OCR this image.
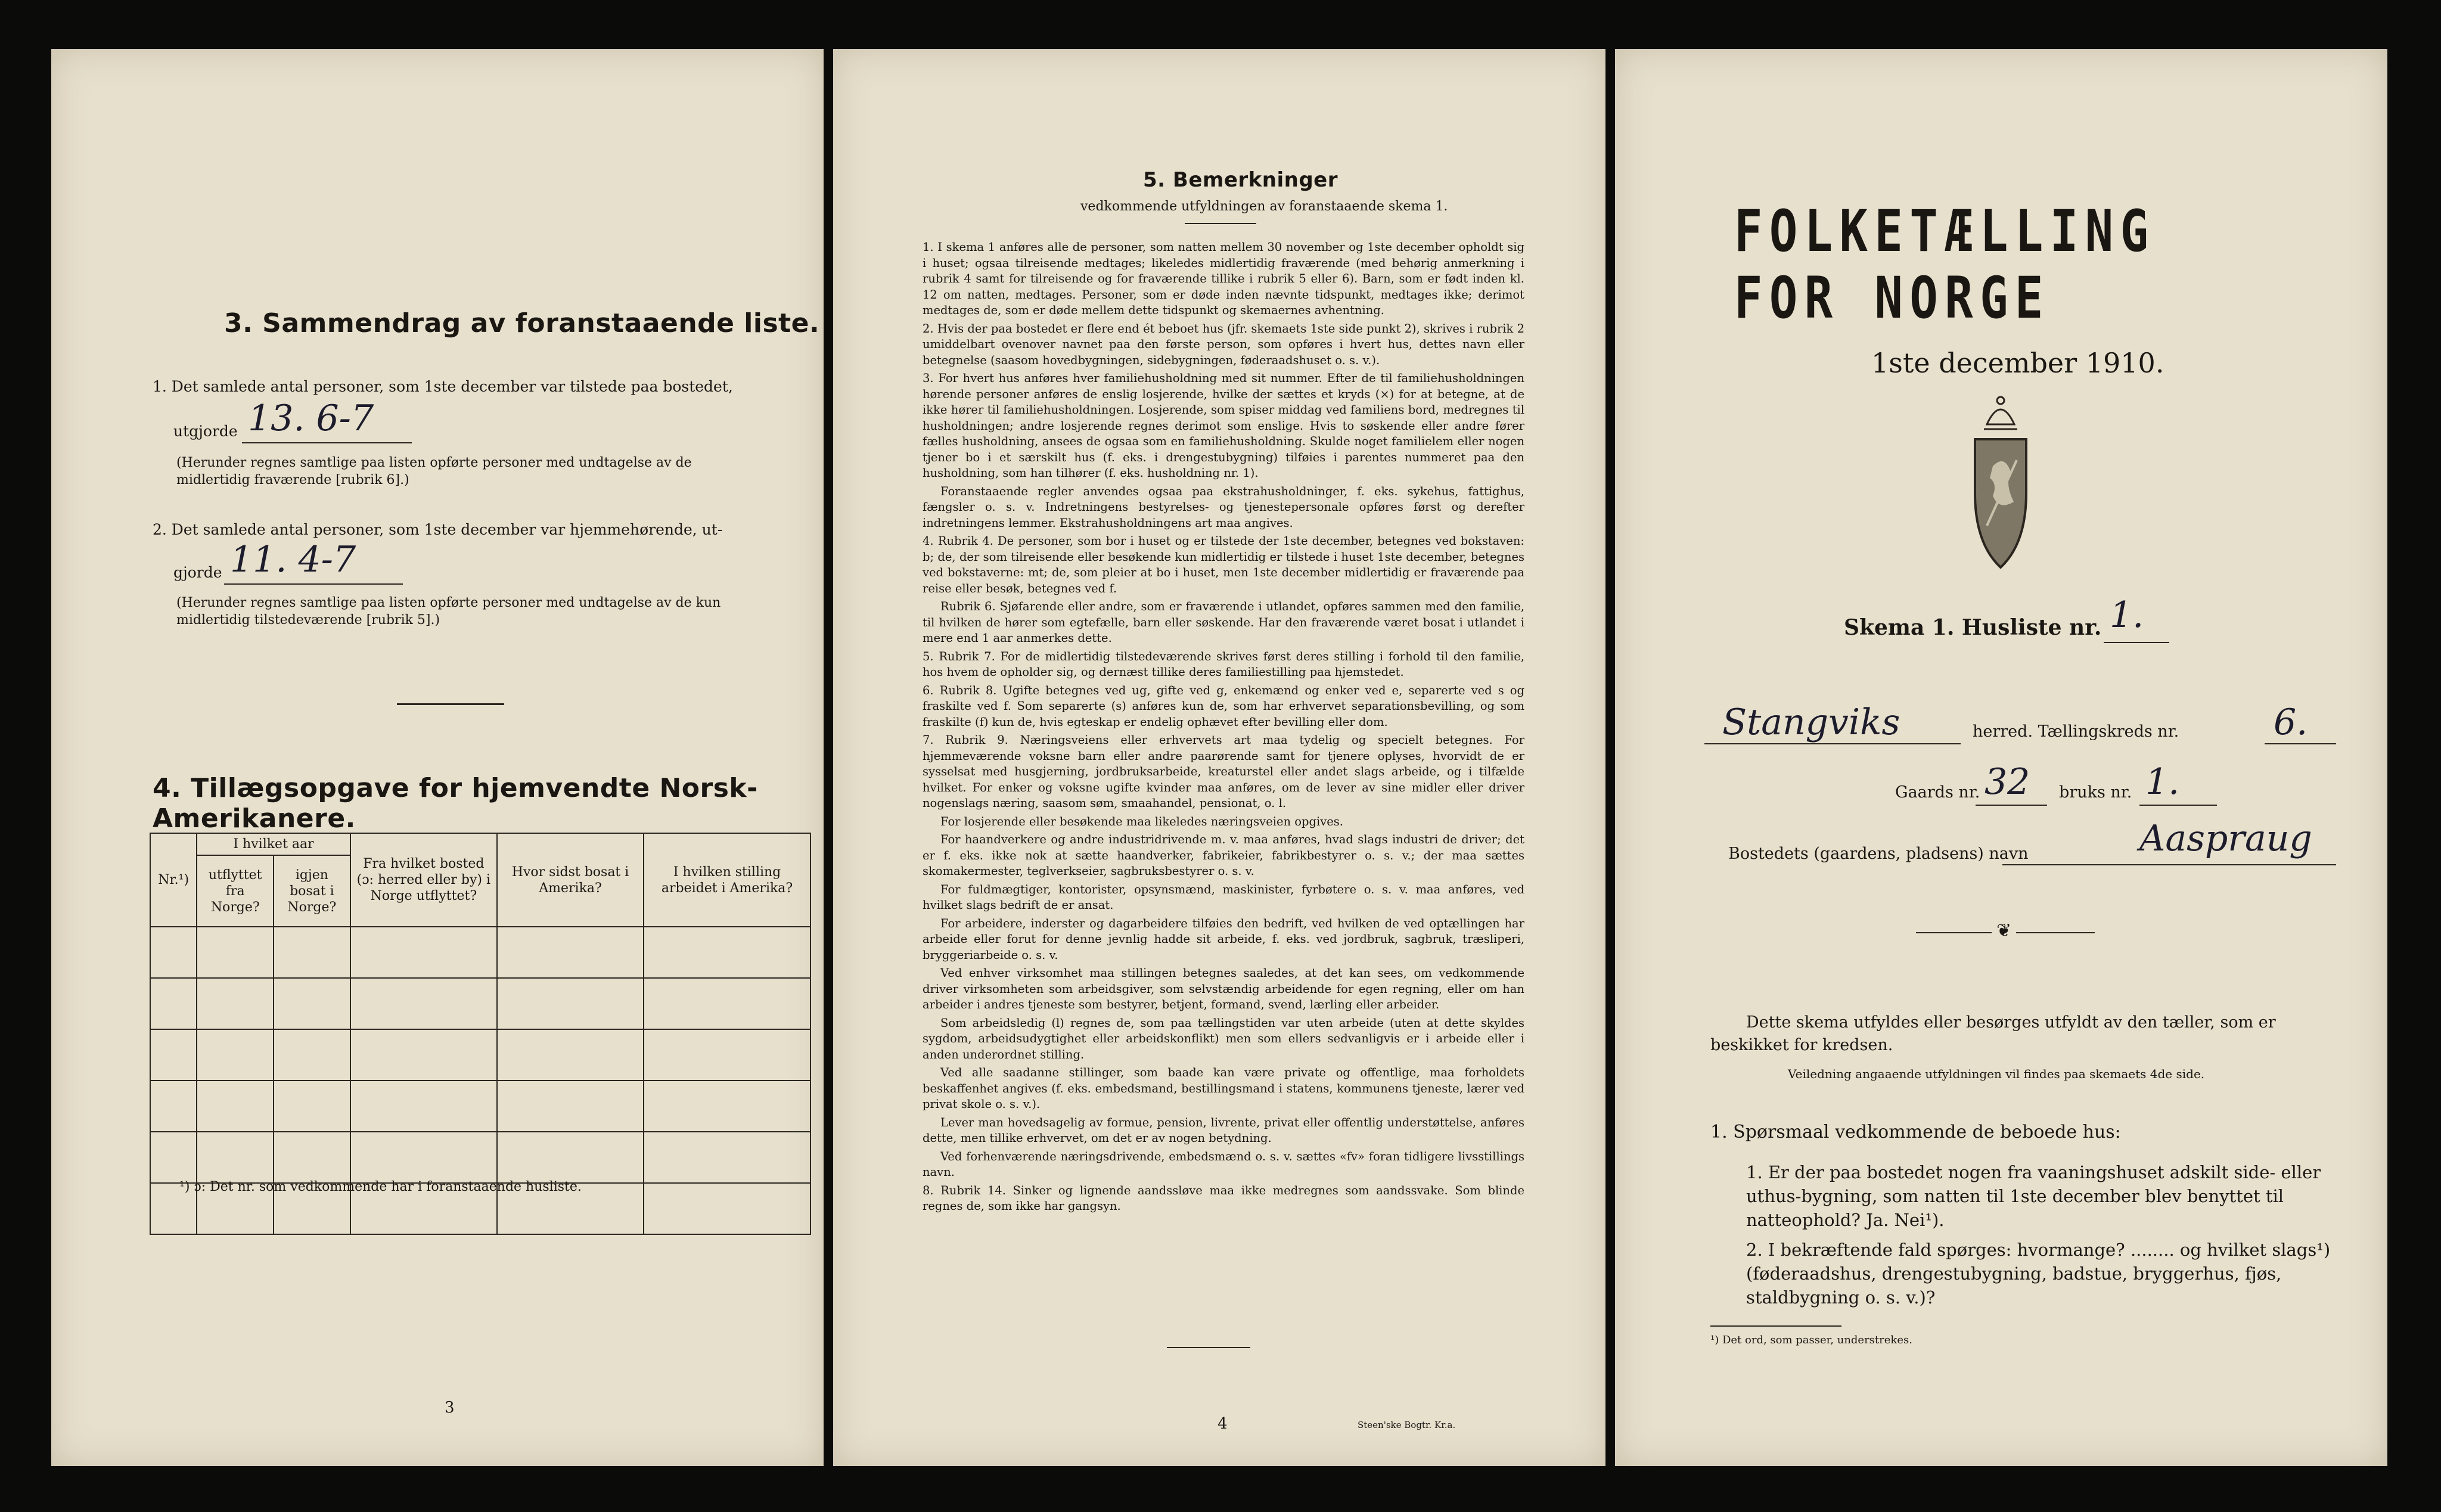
3. Sammendrag av foranstaaende liste.
1. Det samlede antal personer, som 1ste december var tilstede paa bostedet,
utgjorde 13. 6-7
(Herunder regnes samtlige paa listen opførte personer med undtagelse av de midlertidig fraværende [rubrik 6].)
2. Det samlede antal personer, som 1ste december var hjemmehørende, ut-
gjorde 11. 4-7
(Herunder regnes samtlige paa listen opførte personer med undtagelse av de kun midlertidig tilstedeværende [rubrik 5].)
4. Tillægsopgave for hjemvendte Norsk-Amerikanere.
Nr.¹)	I hvilket aar		Fra hvilket bosted (ɔ: herred eller by) i Norge utflyttet?	Hvor sidst bosat i Amerika?	I hvilken stilling arbeidet i Amerika?
	utflyttet fra Norge?	igjen bosat i Norge?			

¹) ɔ: Det nr. som vedkommende har i foranstaaende husliste.
3
5. Bemerkninger
vedkommende utfyldningen av foranstaaende skema 1.

1. I skema 1 anføres alle de personer, som natten mellem 30 november og 1ste december opholdt sig i huset; ogsaa tilreisende medtages; likeledes midlertidig fraværende (med behørig anmerkning i rubrik 4 samt for tilreisende og for fraværende tillike i rubrik 5 eller 6). Barn, som er født inden kl. 12 om natten, medtages. Personer, som er døde inden nævnte tidspunkt, medtages ikke; derimot medtages de, som er døde mellem dette tidspunkt og skemaernes avhentning.

2. Hvis der paa bostedet er flere end ét beboet hus (jfr. skemaets 1ste side punkt 2), skrives i rubrik 2 umiddelbart ovenover navnet paa den første person, som opføres i hvert hus, dettes navn eller betegnelse (saasom hovedbygningen, sidebygningen, føderaadshuset o. s. v.).

3. For hvert hus anføres hver familiehusholdning med sit nummer. Efter de til familiehusholdningen hørende personer anføres de enslig losjerende, hvilke der sættes et kryds (×) for at betegne, at de ikke hører til familiehusholdningen. Losjerende, som spiser middag ved familiens bord, medregnes til husholdningen; andre losjerende regnes derimot som enslige. Hvis to søskende eller andre fører fælles husholdning, ansees de ogsaa som en familiehusholdning. Skulde noget familielem eller nogen tjener bo i et særskilt hus (f. eks. i drengestubygning) tilføies i parentes nummeret paa den husholdning, som han tilhører (f. eks. husholdning nr. 1).

Foranstaaende regler anvendes ogsaa paa ekstrahusholdninger, f. eks. sykehus, fattighus, fængsler o. s. v. Indretningens bestyrelses- og tjenestepersonale opføres først og derefter indretningens lemmer. Ekstrahusholdningens art maa angives.

4. Rubrik 4. De personer, som bor i huset og er tilstede der 1ste december, betegnes ved bokstaven: b; de, der som tilreisende eller besøkende kun midlertidig er tilstede i huset 1ste december, betegnes ved bokstaverne: mt; de, som pleier at bo i huset, men 1ste december midlertidig er fraværende paa reise eller besøk, betegnes ved f.

Rubrik 6. Sjøfarende eller andre, som er fraværende i utlandet, opføres sammen med den familie, til hvilken de hører som egtefælle, barn eller søskende. Har den fraværende været bosat i utlandet i mere end 1 aar anmerkes dette.

5. Rubrik 7. For de midlertidig tilstedeværende skrives først deres stilling i forhold til den familie, hos hvem de opholder sig, og dernæst tillike deres familiestilling paa hjemstedet.

6. Rubrik 8. Ugifte betegnes ved ug, gifte ved g, enkemænd og enker ved e, separerte ved s og fraskilte ved f. Som separerte (s) anføres kun de, som har erhvervet separationsbevilling, og som fraskilte (f) kun de, hvis egteskap er endelig ophævet efter bevilling eller dom.

7. Rubrik 9. Næringsveiens eller erhvervets art maa tydelig og specielt betegnes. For hjemmeværende voksne barn eller andre paarørende samt for tjenere oplyses, hvorvidt de er sysselsat med husgjerning, jordbruksarbeide, kreaturstel eller andet slags arbeide, og i tilfælde hvilket. For enker og voksne ugifte kvinder maa anføres, om de lever av sine midler eller driver nogenslags næring, saasom søm, smaahandel, pensionat, o. l.

For losjerende eller besøkende maa likeledes næringsveien opgives.

For haandverkere og andre industridrivende m. v. maa anføres, hvad slags industri de driver; det er f. eks. ikke nok at sætte haandverker, fabrikeier, fabrikbestyrer o. s. v.; der maa sættes skomakermester, teglverkseier, sagbruksbestyrer o. s. v.

For fuldmægtiger, kontorister, opsynsmænd, maskinister, fyrbøtere o. s. v. maa anføres, ved hvilket slags bedrift de er ansat.

For arbeidere, inderster og dagarbeidere tilføies den bedrift, ved hvilken de ved optællingen har arbeide eller forut for denne jevnlig hadde sit arbeide, f. eks. ved jordbruk, sagbruk, træsliperi, bryggeriarbeide o. s. v.

Ved enhver virksomhet maa stillingen betegnes saaledes, at det kan sees, om vedkommende driver virksomheten som arbeidsgiver, som selvstændig arbeidende for egen regning, eller om han arbeider i andres tjeneste som bestyrer, betjent, formand, svend, lærling eller arbeider.

Som arbeidsledig (l) regnes de, som paa tællingstiden var uten arbeide (uten at dette skyldes sygdom, arbeidsudygtighet eller arbeidskonflikt) men som ellers sedvanligvis er i arbeide eller i anden underordnet stilling.

Ved alle saadanne stillinger, som baade kan være private og offentlige, maa forholdets beskaffenhet angives (f. eks. embedsmand, bestillingsmand i statens, kommunens tjeneste, lærer ved privat skole o. s. v.).

Lever man hovedsagelig av formue, pension, livrente, privat eller offentlig understøttelse, anføres dette, men tillike erhvervet, om det er av nogen betydning.

Ved forhenværende næringsdrivende, embedsmænd o. s. v. sættes «fv» foran tidligere livsstillings navn.

8. Rubrik 14. Sinker og lignende aandssløve maa ikke medregnes som aandssvake. Som blinde regnes de, som ikke har gangsyn.

4	Steen'ske Bogtr. Kr.a.
FOLKETÆLLING FOR NORGE
1ste december 1910.
Skema 1. Husliste nr. 1.
Stangviks	herred. Tællingskreds nr.	6.
Gaards nr. 32 bruks nr. 1.
Bostedets (gaardens, pladsens) navn	Aaspraug
❦
Dette skema utfyldes eller besørges utfyldt av den tæller, som er beskikket for kredsen.
Veiledning angaaende utfyldningen vil findes paa skemaets 4de side.
1. Spørsmaal vedkommende de beboede hus:
1. Er der paa bostedet nogen fra vaaningshuset adskilt side- eller uthus-bygning, som natten til 1ste december blev benyttet til natteophold? Ja. Nei¹).
2. I bekræftende fald spørges: hvormange? ........ og hvilket slags¹) (føderaadshus, drengestubygning, badstue, bryggerhus, fjøs, staldbygning o. s. v.)?
¹) Det ord, som passer, understrekes.
